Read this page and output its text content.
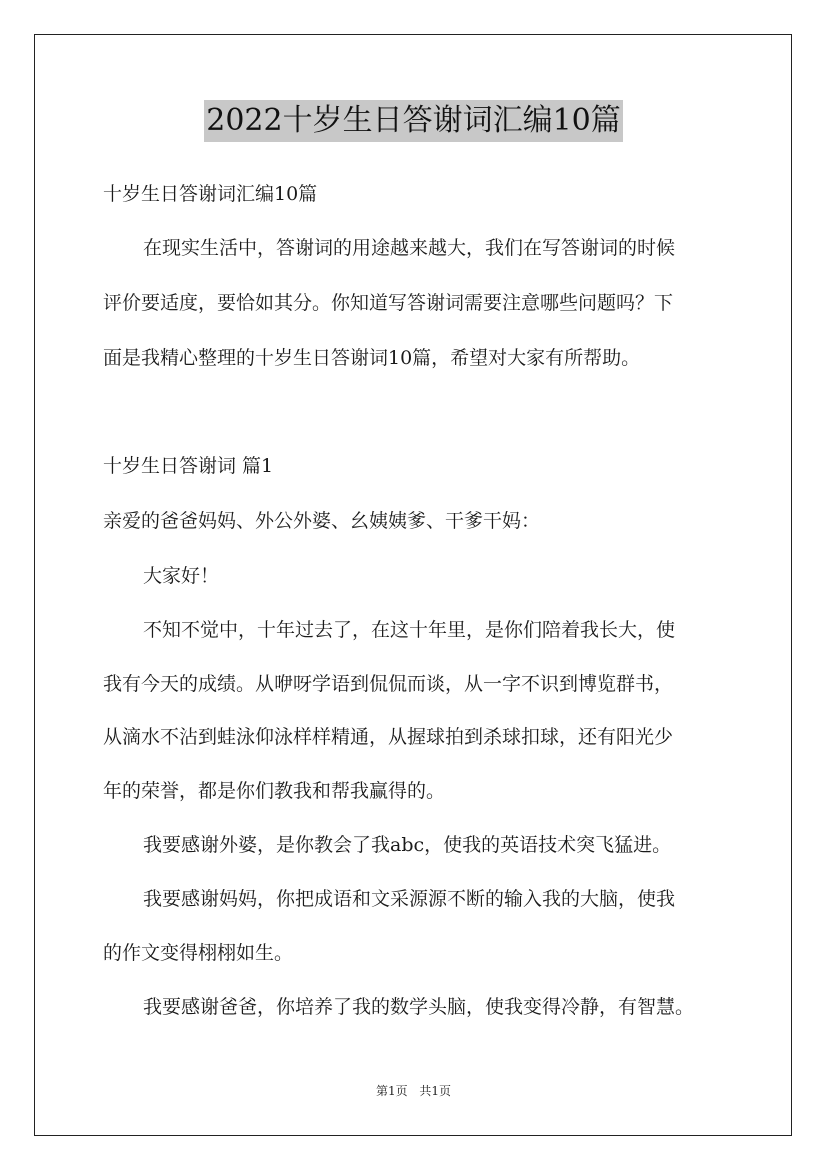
2022十岁生日答谢词汇编10篇
十岁生日答谢词汇编10篇
在现实生活中，答谢词的用途越来越大，我们在写答谢词的时候
评价要适度，要恰如其分。你知道写答谢词需要注意哪些问题吗？下
面是我精心整理的十岁生日答谢词10篇，希望对大家有所帮助。
十岁生日答谢词 篇1
亲爱的爸爸妈妈、外公外婆、幺姨姨爹、干爹干妈：
大家好！
不知不觉中，十年过去了，在这十年里，是你们陪着我长大，使
我有今天的成绩。从咿呀学语到侃侃而谈，从一字不识到博览群书，
从滴水不沾到蛙泳仰泳样样精通，从握球拍到杀球扣球，还有阳光少
年的荣誉，都是你们教我和帮我赢得的。
我要感谢外婆，是你教会了我abc，使我的英语技术突飞猛进。
我要感谢妈妈，你把成语和文采源源不断的输入我的大脑，使我
的作文变得栩栩如生。
我要感谢爸爸，你培养了我的数学头脑，使我变得冷静，有智慧。
第1页 共1页
